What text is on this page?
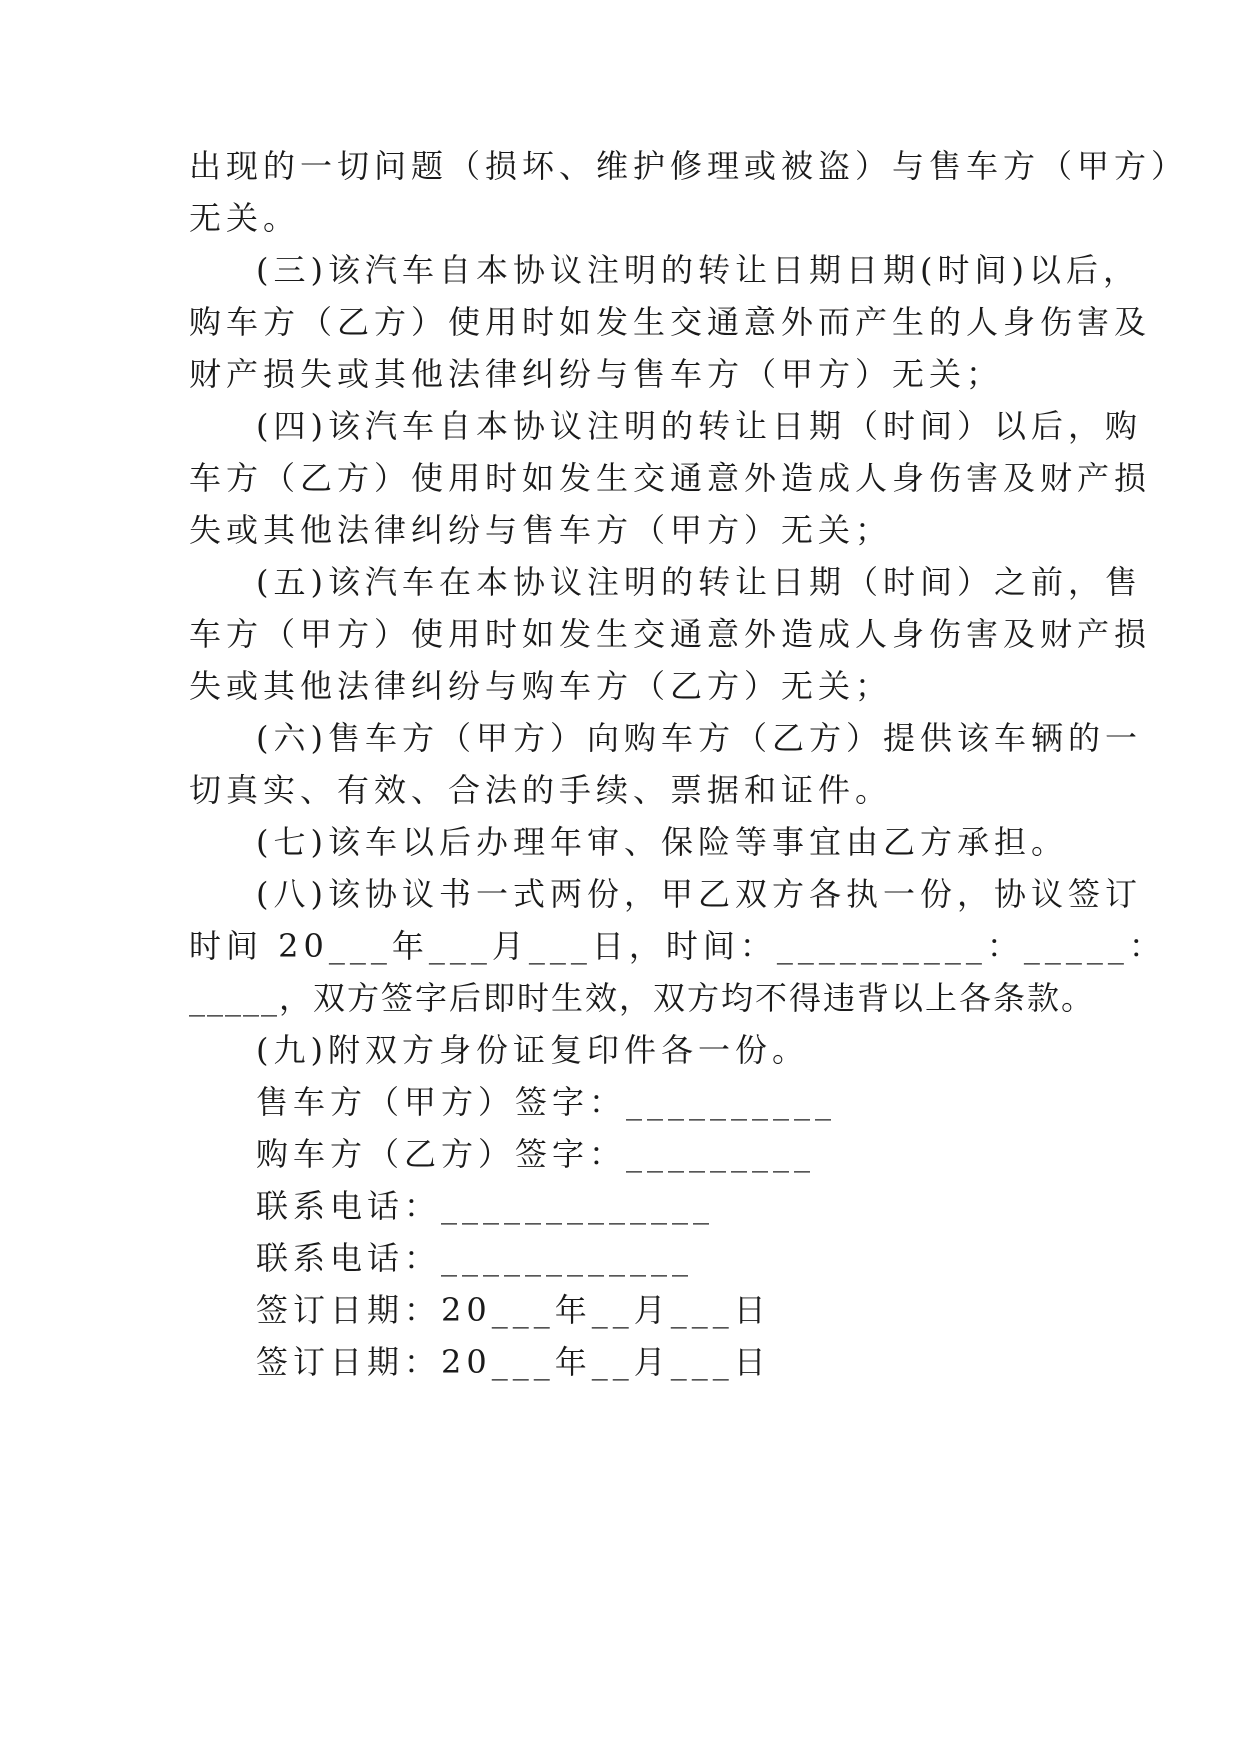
出现的一切问题（损坏、维护修理或被盗）与售车方（甲方）
无关。
(三)该汽车自本协议注明的转让日期日期(时间)以后，
购车方（乙方）使用时如发生交通意外而产生的人身伤害及
财产损失或其他法律纠纷与售车方（甲方）无关；
(四)该汽车自本协议注明的转让日期（时间）以后，购
车方（乙方）使用时如发生交通意外造成人身伤害及财产损
失或其他法律纠纷与售车方（甲方）无关；
(五)该汽车在本协议注明的转让日期（时间）之前，售
车方（甲方）使用时如发生交通意外造成人身伤害及财产损
失或其他法律纠纷与购车方（乙方）无关；
(六)售车方（甲方）向购车方（乙方）提供该车辆的一
切真实、有效、合法的手续、票据和证件。
(七)该车以后办理年审、保险等事宜由乙方承担。
(八)该协议书一式两份，甲乙双方各执一份，协议签订
时间 20___年___月___日，时间：__________：_____：
_____，双方签字后即时生效，双方均不得违背以上各条款。
(九)附双方身份证复印件各一份。
售车方（甲方）签字：__________
购车方（乙方）签字：_________
联系电话：_____________
联系电话：____________
签订日期：20___年__月___日
签订日期：20___年__月___日
